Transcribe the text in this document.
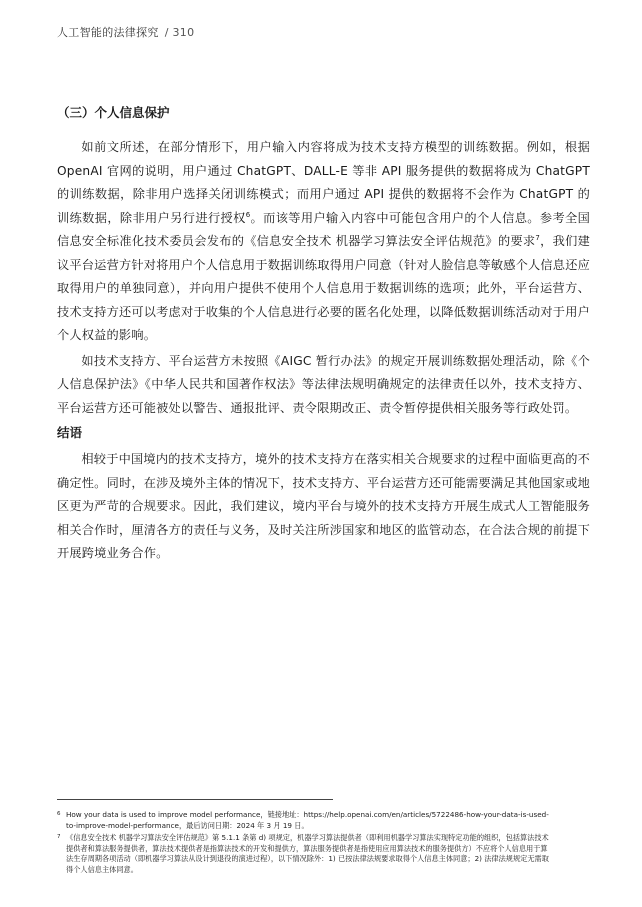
人工智能的法律探究 / 310
（三）个人信息保护

如前文所述，在部分情形下，用户输入内容将成为技术支持方模型的训练数据。例如，根据 OpenAI 官网的说明，用户通过 ChatGPT、DALL-E 等非 API 服务提供的数据将成为 ChatGPT 的训练数据，除非用户选择关闭训练模式；而用户通过 API 提供的数据将不会作为 ChatGPT 的训练数据，除非用户另行进行授权$^6$。而该等用户输入内容中可能包含用户的个人信息。参考全国信息安全标准化技术委员会发布的《信息安全技术 机器学习算法安全评估规范》的要求$^7$，我们建议平台运营方针对将用户个人信息用于数据训练取得用户同意（针对人脸信息等敏感个人信息还应取得用户的单独同意），并向用户提供不使用个人信息用于数据训练的选项；此外，平台运营方、技术支持方还可以考虑对于收集的个人信息进行必要的匿名化处理，以降低数据训练活动对于用户个人权益的影响。

如技术支持方、平台运营方未按照《AIGC 暂行办法》的规定开展训练数据处理活动，除《个人信息保护法》《中华人民共和国著作权法》等法律法规明确规定的法律责任以外，技术支持方、平台运营方还可能被处以警告、通报批评、责令限期改正、责令暂停提供相关服务等行政处罚。

结语

相较于中国境内的技术支持方，境外的技术支持方在落实相关合规要求的过程中面临更高的不确定性。同时，在涉及境外主体的情况下，技术支持方、平台运营方还可能需要满足其他国家或地区更为严苛的合规要求。因此，我们建议，境内平台与境外的技术支持方开展生成式人工智能服务相关合作时，厘清各方的责任与义务，及时关注所涉国家和地区的监管动态，在合法合规的前提下开展跨境业务合作。

6 How your data is used to improve model performance，链接地址：https://help.openai.com/en/articles/5722486-how-your-data-is-used-to-improve-model-performance，最后访问日期：2024 年 3 月 19 日。
7 《信息安全技术 机器学习算法安全评估规范》第 5.1.1 条第 d) 项规定，机器学习算法提供者（即利用机器学习算法实现特定功能的组织，包括算法技术提供者和算法服务提供者，算法技术提供者是指算法技术的开发和提供方，算法服务提供者是指使用应用算法技术的服务提供方）不应将个人信息用于算法生存周期各项活动（即机器学习算法从设计到退役的演进过程），以下情况除外：1) 已按法律法规要求取得个人信息主体同意；2) 法律法规规定无需取得个人信息主体同意。
